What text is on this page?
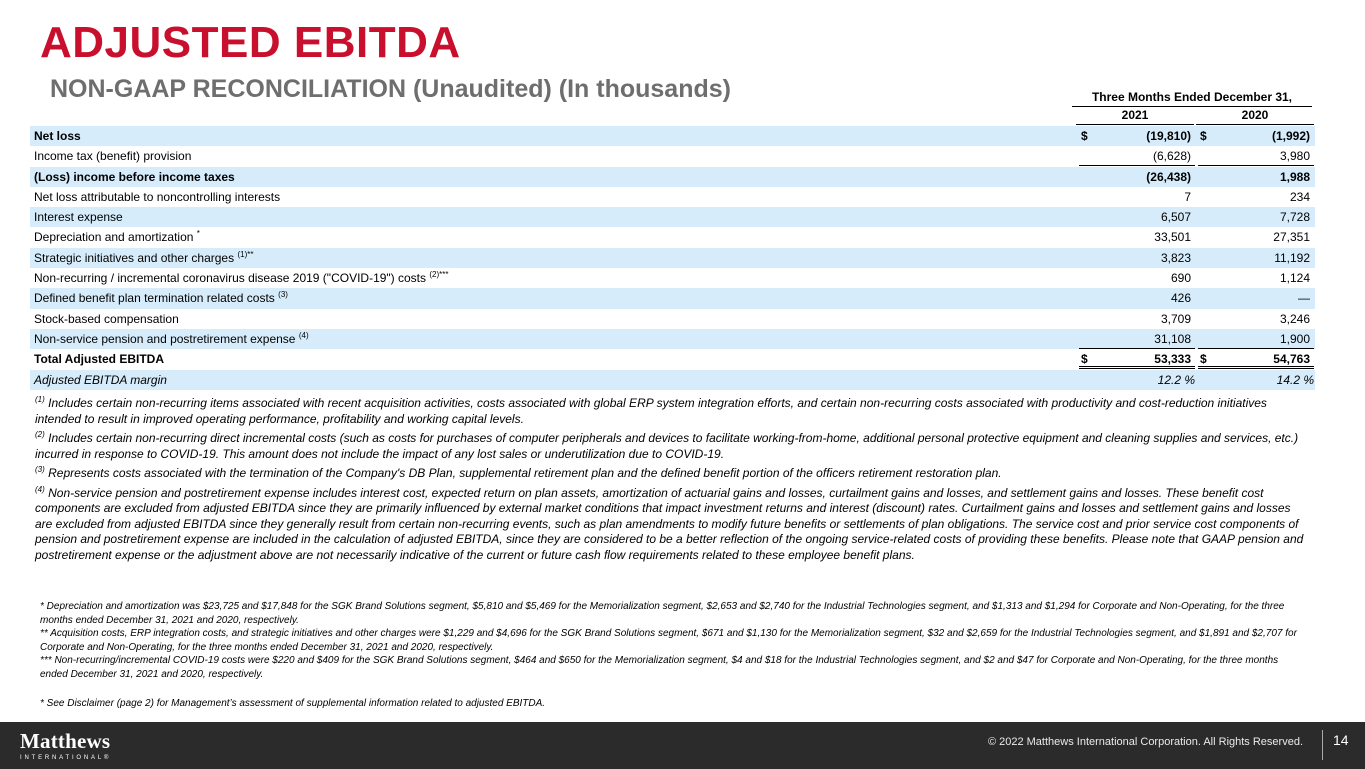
ADJUSTED EBITDA
NON-GAAP RECONCILIATION (Unaudited) (In thousands)	Three Months Ended December 31,
2021	2020
Net loss	$	(19,810) $	(1,992)
Income tax (benefit) provision	(6,628)	3,980
(Loss) income before income taxes	(26,438)	1,988
Net loss attributable to noncontrolling interests	7	234
Interest expense	6,507	7,728
Depreciation and amortization *	33,501	27,351
Strategic initiatives and other charges $^{(1)**}$	3,823	11,192
Non-recurring / incremental coronavirus disease 2019 ("COVID-19") costs $^{(2)***}$	690	1,124
Defined benefit plan termination related costs $^{(3)}$	426	—
Stock-based compensation	3,709	3,246
Non-service pension and postretirement expense $^{(4)}$	31,108	1,900
Total Adjusted EBITDA	$	53,333 $	54,763
Adjusted EBITDA margin	12.2 %	14.2 %

$^{(1)}$ Includes certain non-recurring items associated with recent acquisition activities, costs associated with global ERP system integration efforts, and certain non-recurring costs associated with productivity and cost-reduction initiatives intended to result in improved operating performance, profitability and working capital levels.

$^{(2)}$ Includes certain non-recurring direct incremental costs (such as costs for purchases of computer peripherals and devices to facilitate working-from-home, additional personal protective equipment and cleaning supplies and services, etc.) incurred in response to COVID-19. This amount does not include the impact of any lost sales or underutilization due to COVID-19.

$^{(3)}$ Represents costs associated with the termination of the Company's DB Plan, supplemental retirement plan and the defined benefit portion of the officers retirement restoration plan.

$^{(4)}$ Non-service pension and postretirement expense includes interest cost, expected return on plan assets, amortization of actuarial gains and losses, curtailment gains and losses, and settlement gains and losses. These benefit cost components are excluded from adjusted EBITDA since they are primarily influenced by external market conditions that impact investment returns and interest (discount) rates. Curtailment gains and losses and settlement gains and losses are excluded from adjusted EBITDA since they generally result from certain non-recurring events, such as plan amendments to modify future benefits or settlements of plan obligations. The service cost and prior service cost components of pension and postretirement expense are included in the calculation of adjusted EBITDA, since they are considered to be a better reflection of the ongoing service-related costs of providing these benefits. Please note that GAAP pension and postretirement expense or the adjustment above are not necessarily indicative of the current or future cash flow requirements related to these employee benefit plans.

* Depreciation and amortization was $23,725 and $17,848 for the SGK Brand Solutions segment, $5,810 and $5,469 for the Memorialization segment, $2,653 and $2,740 for the Industrial Technologies segment, and $1,313 and $1,294 for Corporate and Non-Operating, for the three months ended December 31, 2021 and 2020, respectively.
** Acquisition costs, ERP integration costs, and strategic initiatives and other charges were $1,229 and $4,696 for the SGK Brand Solutions segment, $671 and $1,130 for the Memorialization segment, $32 and $2,659 for the Industrial Technologies segment, and $1,891 and $2,707 for Corporate and Non-Operating, for the three months ended December 31, 2021 and 2020, respectively.
*** Non-recurring/incremental COVID-19 costs were $220 and $409 for the SGK Brand Solutions segment, $464 and $650 for the Memorialization segment, $4 and $18 for the Industrial Technologies segment, and $2 and $47 for Corporate and Non-Operating, for the three months ended December 31, 2021 and 2020, respectively.
* See Disclaimer (page 2) for Management’s assessment of supplemental information related to adjusted EBITDA.
Matthews
INTERNATIONAL®
© 2022 Matthews International Corporation. All Rights Reserved. 14
